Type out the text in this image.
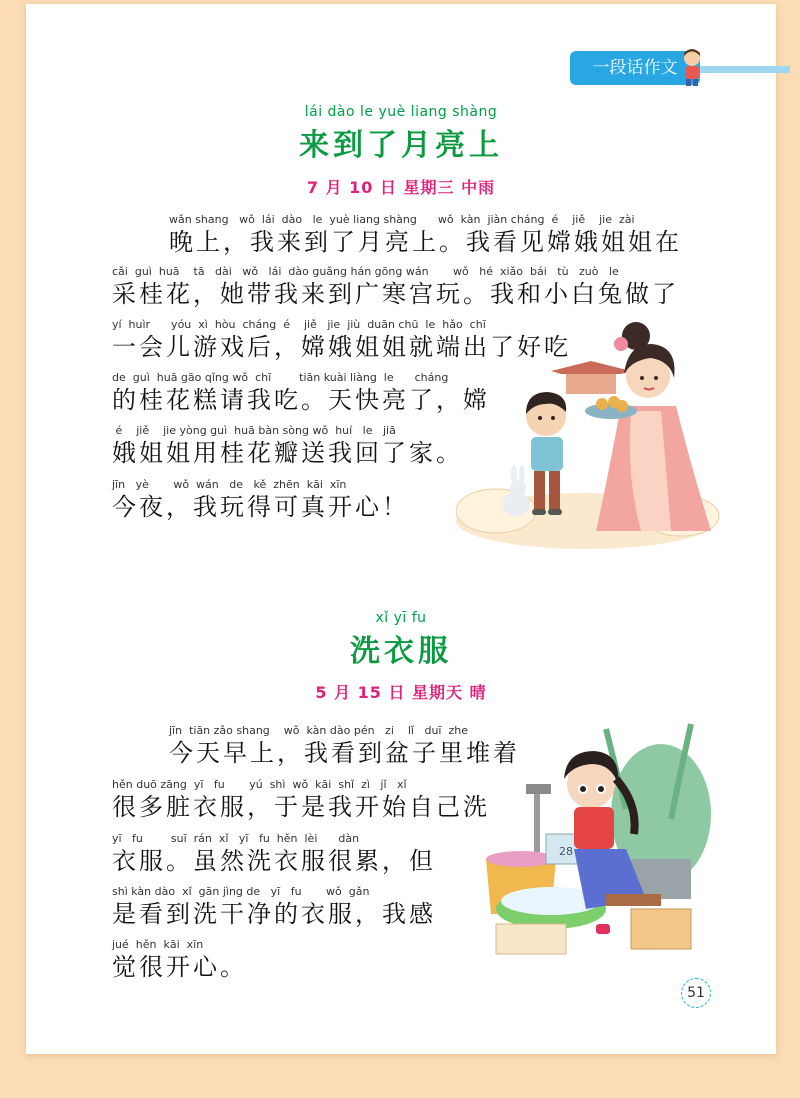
一段话作文
lái dào le yuè liang shàng
来到了月亮上
7 月 10 日 星期三 中雨
wǎn shang   wǒ  lái  dào   le  yuè liang shàng      wǒ  kàn  jiàn cháng  é    jiě    jie  zài
晚上，我来到了月亮上。我看见嫦娥姐姐在
cǎi  guì  huā    tā   dài   wǒ   lái  dào guǎng hán gōng wán       wǒ   hé  xiǎo  bái   tù   zuò   le
采桂花，她带我来到广寒宫玩。我和小白兔做了
yí  huìr      yóu  xì  hòu  cháng  é    jiě   jie  jiù  duān chū  le  hǎo  chī
一会儿游戏后，嫦娥姐姐就端出了好吃
de  guì  huā gāo qǐng wǒ  chī        tiān kuài liàng  le      cháng
的桂花糕请我吃。天快亮了，嫦
é    jiě    jie yòng guì  huā bàn sòng wǒ  huí   le   jiā
娥姐姐用桂花瓣送我回了家。
jīn   yè       wǒ  wán   de   kě  zhēn  kāi  xīn
今夜，我玩得可真开心！
xǐ yī fu
洗衣服
5 月 15 日 星期天 晴
jīn  tiān zǎo shang    wǒ  kàn dào pén   zi    lǐ   duī  zhe
今天早上，我看到盆子里堆着
hěn duō zāng  yī   fu       yú  shì  wǒ  kāi  shǐ  zì   jǐ   xǐ
很多脏衣服，于是我开始自己洗
yī   fu        suī  rán  xǐ   yī   fu  hěn  lèi      dàn
衣服。虽然洗衣服很累，但
shì kàn dào  xǐ  gān jìng de   yī   fu       wǒ  gǎn
是看到洗干净的衣服，我感
jué  hěn  kāi  xīn
觉很开心。
28
51
